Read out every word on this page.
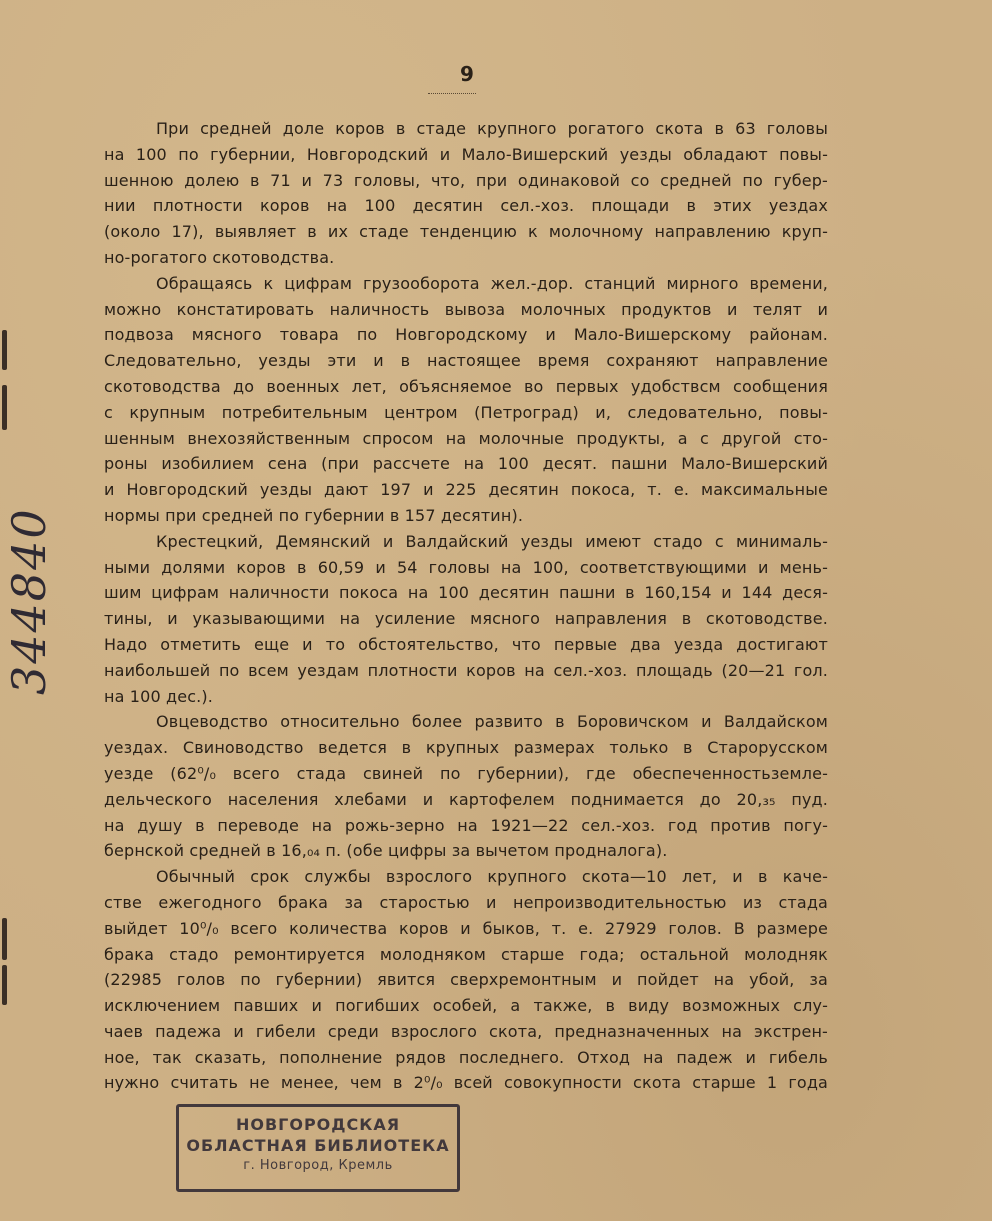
9
При средней доле коров в стаде крупного рогатого скота в 63 головы
на 100 по губернии, Новгородский и Мало-Вишерский уезды обладают повы-
шенною долею в 71 и 73 головы, что, при одинаковой со средней по губер-
нии плотности коров на 100 десятин сел.-хоз. площади в этих уездах
(около 17), выявляет в их стаде тенденцию к молочному направлению круп-
но-рогатого скотоводства.
Обращаясь к цифрам грузооборота жел.-дор. станций мирного времени,
можно констатировать наличность вывоза молочных продуктов и телят и
подвоза мясного товара по Новгородскому и Мало-Вишерскому районам.
Следовательно, уезды эти и в настоящее время сохраняют направление
скотоводства до военных лет, объясняемое во первых удобствсм сообщения
с крупным потребительным центром (Петроград) и, следовательно, повы-
шенным внехозяйственным спросом на молочные продукты, а с другой сто-
роны изобилием сена (при рассчете на 100 десят. пашни Мало-Вишерский
и Новгородский уезды дают 197 и 225 десятин покоса, т. е. максимальные
нормы при средней по губернии в 157 десятин).
Крестецкий, Демянский и Валдайский уезды имеют стадо с минималь-
ными долями коров в 60,59 и 54 головы на 100, соответствующими и мень-
шим цифрам наличности покоса на 100 десятин пашни в 160,154 и 144 деся-
тины, и указывающими на усиление мясного направления в скотоводстве.
Надо отметить еще и то обстоятельство, что первые два уезда достигают
наибольшей по всем уездам плотности коров на сел.-хоз. площадь (20—21 гол.
на 100 дес.).
Овцеводство относительно более развито в Боровичском и Валдайском
уездах. Свиноводство ведется в крупных размерах только в Старорусском
уезде (62⁰/₀ всего стада свиней по губернии), где обеспеченностьземле-
дельческого населения хлебами и картофелем поднимается до 20,₃₅ пуд.
на душу в переводе на рожь-зерно на 1921—22 сел.-хоз. год против погу-
бернской средней в 16,₀₄ п. (обе цифры за вычетом продналога).
Обычный срок службы взрослого крупного скота—10 лет, и в каче-
стве ежегодного брака за старостью и непроизводительностью из стада
выйдет 10⁰/₀ всего количества коров и быков, т. е. 27929 голов. В размере
брака стадо ремонтируется молодняком старше года; остальной молодняк
(22985 голов по губернии) явится сверхремонтным и пойдет на убой, за
исключением павших и погибших особей, а также, в виду возможных слу-
чаев падежа и гибели среди взрослого скота, предназначенных на экстрен-
ное, так сказать, пополнение рядов последнего. Отход на падеж и гибель
нужно считать не менее, чем в 2⁰/₀ всей совокупности скота старше 1 года
344840
НОВГОРОДСКАЯ
ОБЛАСТНАЯ БИБЛИОТЕКА
г. Новгород, Кремль
